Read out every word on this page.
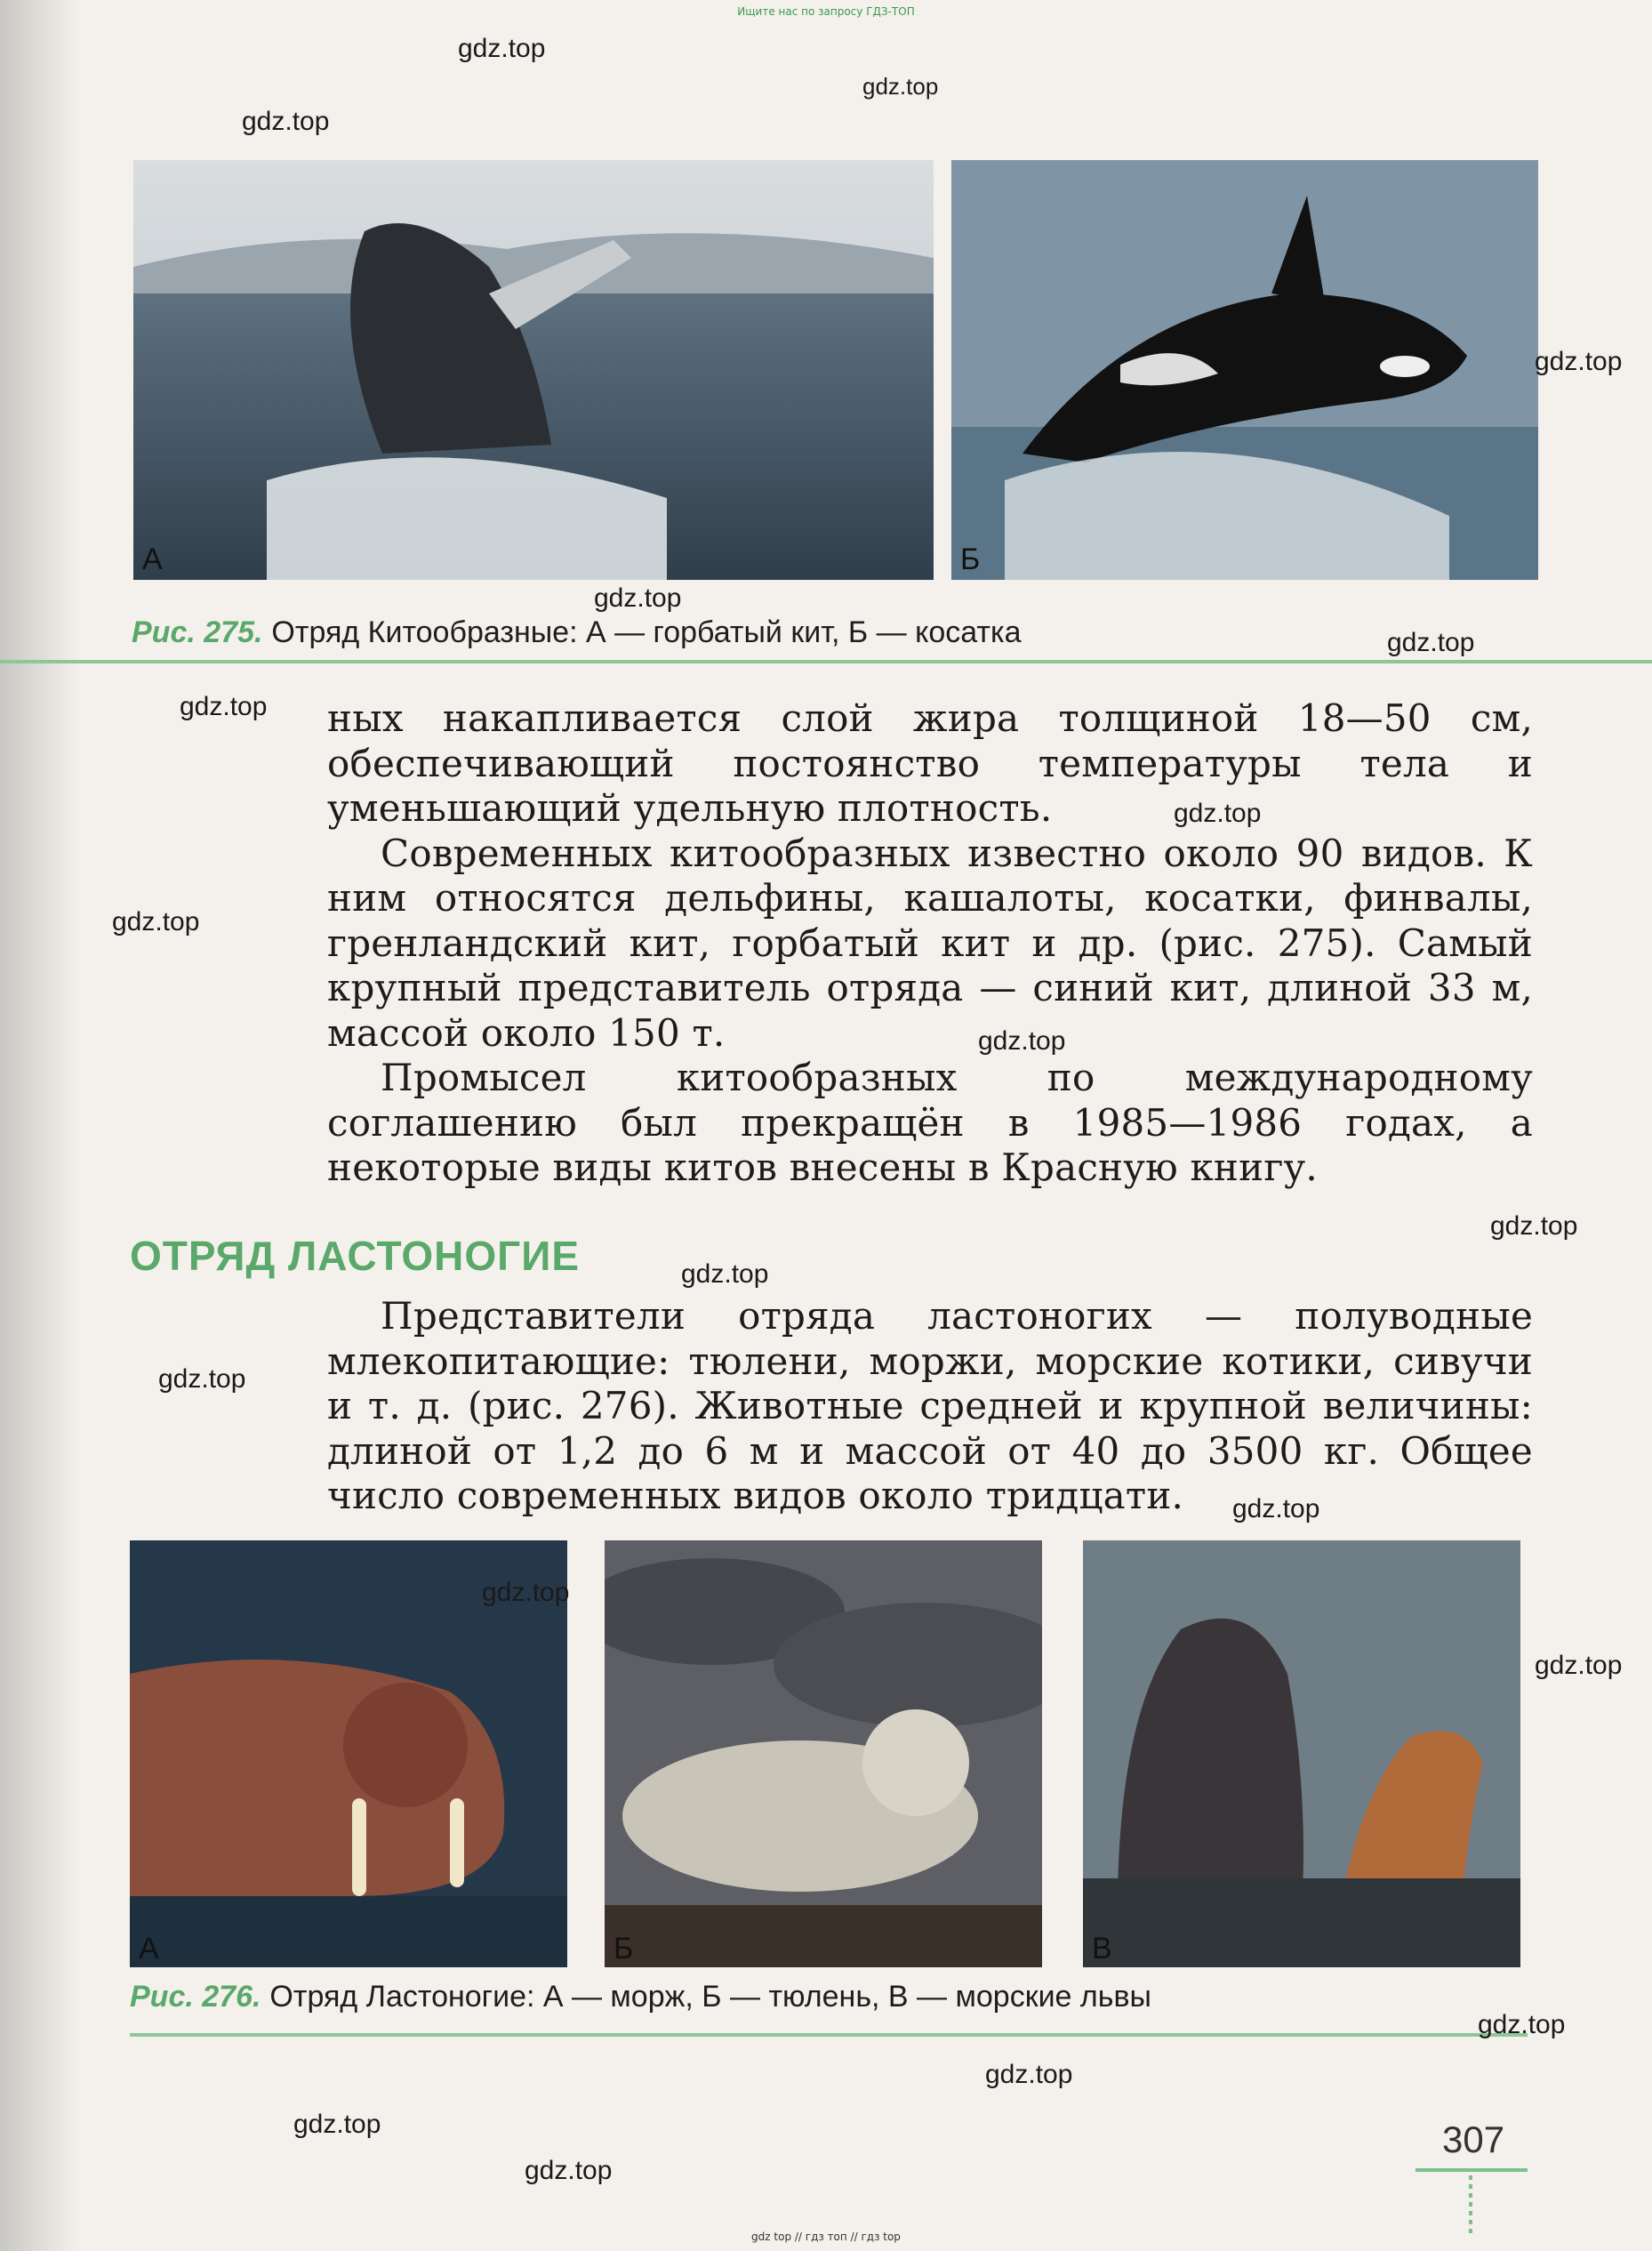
Ищите нас по запросу ГДЗ-ТОП
А	Б
Рис. 275. Отряд Китообразные: А — горбатый кит, Б — косатка

ных накапливается слой жира толщиной 18—50 см, обеспечивающий постоянство температуры тела и уменьшающий удельную плотность.

Современных китообразных известно около 90 видов. К ним относятся дельфины, кашалоты, косатки, финвалы, гренландский кит, горбатый кит и др. (рис. 275). Самый крупный представитель отряда — синий кит, длиной 33 м, массой около 150 т.

Промысел китообразных по международному соглашению был прекращён в 1985—1986 годах, а некоторые виды китов внесены в Красную книгу.

ОТРЯД ЛАСТОНОГИЕ

Представители отряда ластоногих — полуводные млекопитающие: тюлени, моржи, морские котики, сивучи и т. д. (рис. 276). Животные средней и крупной величины: длиной от 1,2 до 6 м и массой от 40 до 3500 кг. Общее число современных видов около тридцати.

А	Б	В
Рис. 276. Отряд Ластоногие: А — морж, Б — тюлень, В — морские львы
307
gdz.top
gdz.top
gdz.top
gdz.top
gdz.top
gdz.top
gdz.top
gdz.top
gdz.top
gdz.top
gdz.top
gdz.top
gdz.top
gdz.top
gdz.top
gdz.top
gdz.top
gdz.top
gdz.top
gdz.top
gdz top // гдз топ // гдз top
